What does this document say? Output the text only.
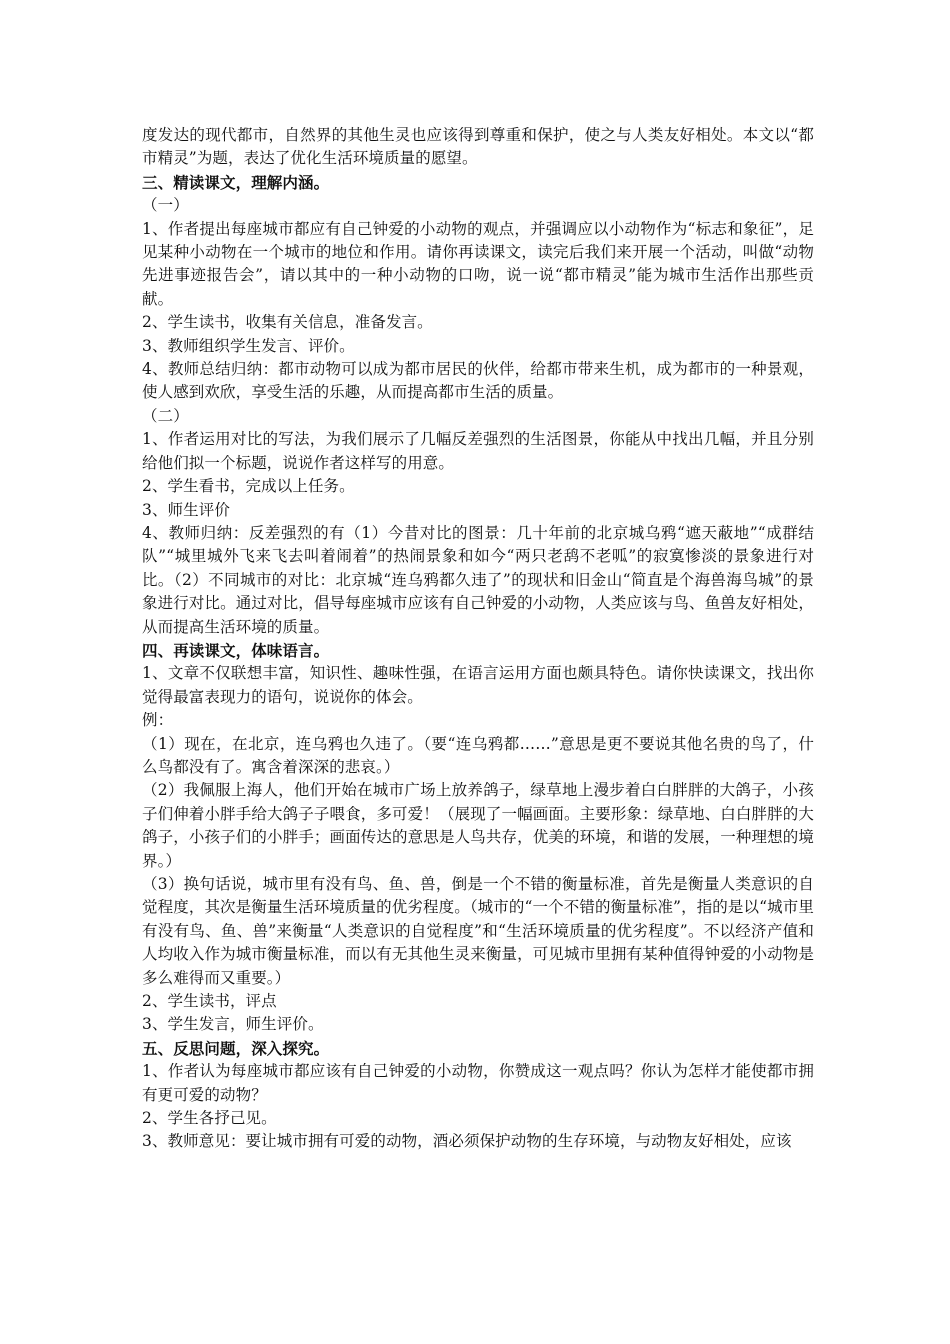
度发达的现代都市，自然界的其他生灵也应该得到尊重和保护，使之与人类友好相处。本文以“都市精灵”为题，表达了优化生活环境质量的愿望。
三、精读课文，理解内涵。
（一）
1、作者提出每座城市都应有自己钟爱的小动物的观点，并强调应以小动物作为“标志和象征”，足见某种小动物在一个城市的地位和作用。请你再读课文，读完后我们来开展一个活动，叫做“动物先进事迹报告会”，请以其中的一种小动物的口吻，说一说“都市精灵”能为城市生活作出那些贡献。
2、学生读书，收集有关信息，准备发言。
3、教师组织学生发言、评价。
4、教师总结归纳：都市动物可以成为都市居民的伙伴，给都市带来生机，成为都市的一种景观，使人感到欢欣，享受生活的乐趣，从而提高都市生活的质量。
（二）
1、作者运用对比的写法，为我们展示了几幅反差强烈的生活图景，你能从中找出几幅，并且分别给他们拟一个标题，说说作者这样写的用意。
2、学生看书，完成以上任务。
3、师生评价
4、教师归纳：反差强烈的有（1）今昔对比的图景：几十年前的北京城乌鸦“遮天蔽地”“成群结队”“城里城外飞来飞去叫着闹着”的热闹景象和如今“两只老鸹不老呱”的寂寞惨淡的景象进行对比。（2）不同城市的对比：北京城“连乌鸦都久违了”的现状和旧金山“简直是个海兽海鸟城”的景象进行对比。通过对比，倡导每座城市应该有自己钟爱的小动物，人类应该与鸟、鱼兽友好相处，从而提高生活环境的质量。
四、再读课文，体味语言。
1、文章不仅联想丰富，知识性、趣味性强，在语言运用方面也颇具特色。请你快读课文，找出你觉得最富表现力的语句，说说你的体会。
例：
（1）现在，在北京，连乌鸦也久违了。（要“连乌鸦都……”意思是更不要说其他名贵的鸟了，什么鸟都没有了。寓含着深深的悲哀。）
（2）我佩服上海人，他们开始在城市广场上放养鸽子，绿草地上漫步着白白胖胖的大鸽子，小孩子们伸着小胖手给大鸽子子喂食，多可爱！（展现了一幅画面。主要形象：绿草地、白白胖胖的大鸽子，小孩子们的小胖手；画面传达的意思是人鸟共存，优美的环境，和谐的发展，一种理想的境界。）
（3）换句话说，城市里有没有鸟、鱼、兽，倒是一个不错的衡量标准，首先是衡量人类意识的自觉程度，其次是衡量生活环境质量的优劣程度。（城市的“一个不错的衡量标准”，指的是以“城市里有没有鸟、鱼、兽”来衡量“人类意识的自觉程度”和“生活环境质量的优劣程度”。不以经济产值和人均收入作为城市衡量标准，而以有无其他生灵来衡量，可见城市里拥有某种值得钟爱的小动物是多么难得而又重要。）
2、学生读书，评点
3、学生发言，师生评价。
五、反思问题，深入探究。
1、作者认为每座城市都应该有自己钟爱的小动物，你赞成这一观点吗？你认为怎样才能使都市拥有更可爱的动物？
2、学生各抒己见。
3、教师意见：要让城市拥有可爱的动物，酒必须保护动物的生存环境，与动物友好相处，应该
